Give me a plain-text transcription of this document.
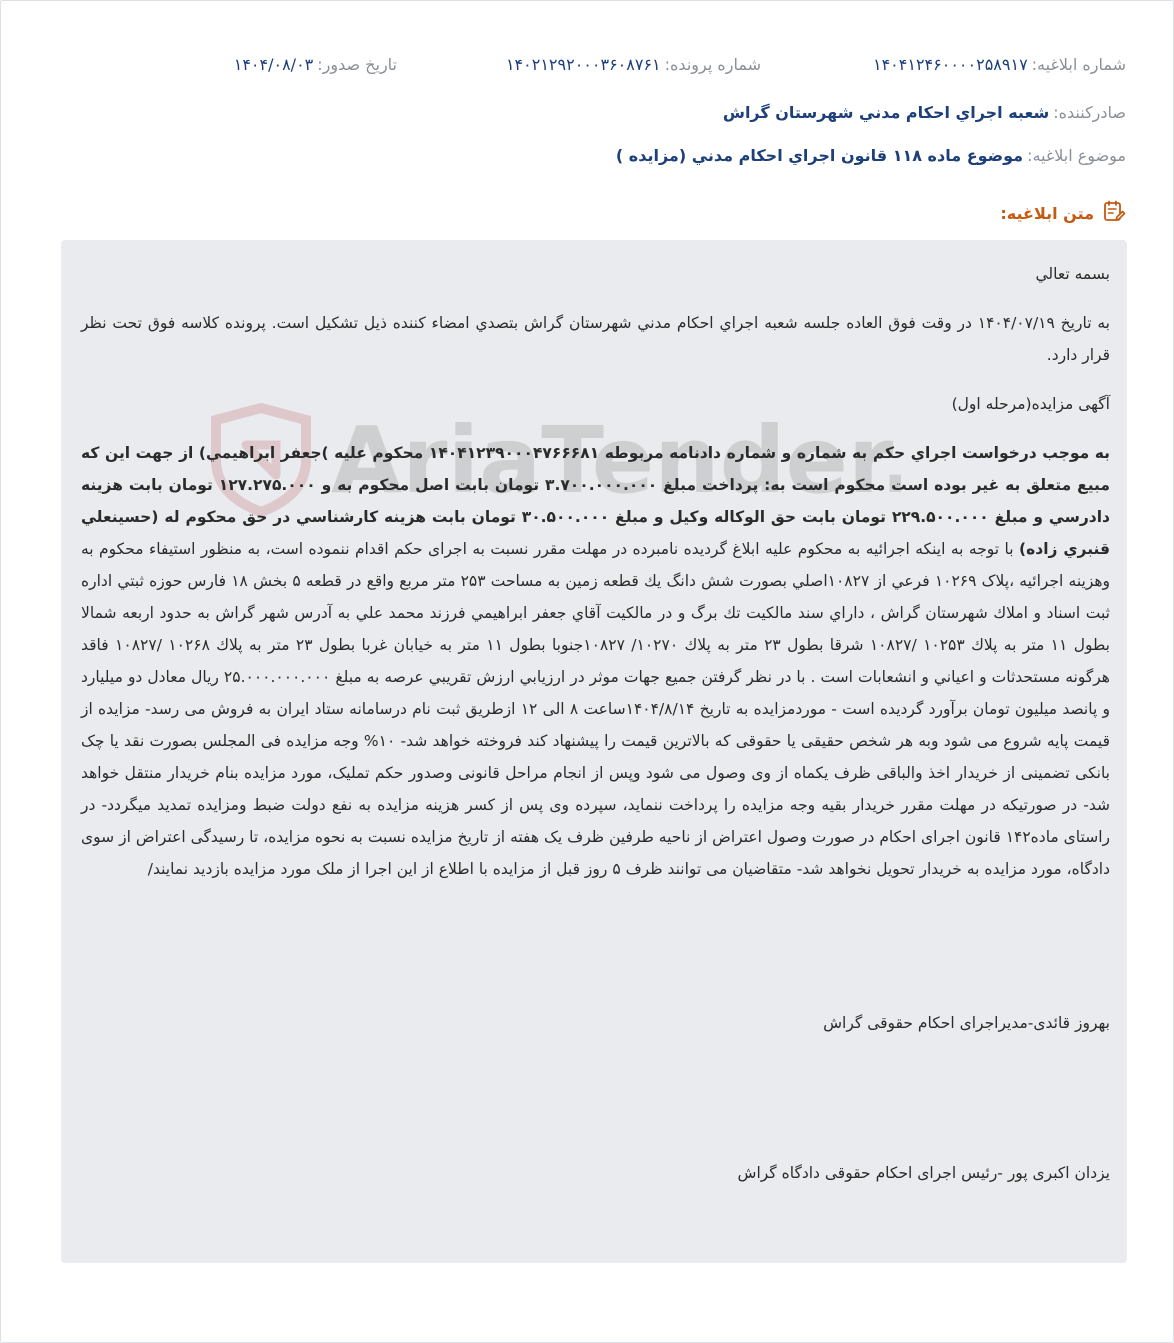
شماره ابلاغيه:
۱۴۰۴۱۲۴۶۰۰۰۰۲۵۸۹۱۷
شماره پرونده:
۱۴۰۲۱۲۹۲۰۰۰۳۶۰۸۷۶۱
تاريخ صدور:
۱۴۰۴/۰۸/۰۳
صادرکننده:
شعبه اجراي احکام مدني شهرستان گراش
موضوع ابلاغيه:
موضوع ماده ۱۱۸ قانون اجراي احکام مدني (مزايده )
متن ابلاغيه:
AriaTender

بسمه تعالي

به تاريخ ۱۴۰۴/۰۷/۱۹ در وقت فوق العاده جلسه شعبه اجراي احکام مدني شهرستان گراش بتصدي امضاء کننده ذيل تشکيل است. پرونده کلاسه فوق تحت نظر قرار دارد.

آگهی مزایده(مرحله اول)

به موجب درخواست اجراي حکم به شماره و شماره دادنامه مربوطه ۱۴۰۴۱۲۳۹۰۰۰۴۷۶۶۶۸۱ محکوم عليه )جعفر ابراهيمي) از جهت اين که مبيع متعلق به غير بوده است محکوم است به: پرداخت مبلغ ۳.۷۰۰.۰۰۰.۰۰۰ تومان بابت اصل محکوم به و ۱۲۷.۲۷۵.۰۰۰ تومان بابت هزينه دادرسي و مبلغ ۲۲۹.۵۰۰.۰۰۰ تومان بابت حق الوکاله وکيل و مبلغ ۳۰.۵۰۰.۰۰۰ تومان بابت هزينه کارشناسي در حق محکوم له (حسينعلي قنبري زاده) با توجه به اینکه اجرائیه به محکوم علیه ابلاغ گردیده نامبرده در مهلت مقرر نسبت به اجرای حکم اقدام ننموده است، به منظور استیفاء محکوم به وهزینه اجرائیه ،پلاک ۱۰۲۶۹ فرعي از ۱۰۸۲۷اصلي بصورت شش دانگ يك قطعه زمين به مساحت ۲۵۳ متر مربع واقع در قطعه ۵ بخش ۱۸ فارس حوزه ثبتي اداره ثبت اسناد و املاك شهرستان گراش ، داراي سند مالكيت تك برگ و در مالكيت آقاي جعفر ابراهيمي فرزند محمد علي به آدرس شهر گراش به حدود اربعه شمالا بطول ۱۱ متر به پلاك ۱۰۲۵۳ /۱۰۸۲۷ شرقا بطول ۲۳ متر به پلاك ۱۰۲۷۰/ ۱۰۸۲۷جنوبا بطول ۱۱ متر به خيابان غربا بطول ۲۳ متر به پلاك ۱۰۲۶۸ /۱۰۸۲۷ فاقد هرگونه مستحدثات و اعياني و انشعابات است . با در نظر گرفتن جميع جهات موثر در ارزيابي ارزش تقريبي عرصه به مبلغ ۲۵.۰۰۰.۰۰۰.۰۰۰ ريال معادل دو ميليارد و پانصد ميليون تومان برآورد گرديده است - موردمزایده به تاریخ ۱۴۰۴/۸/۱۴ساعت ۸ الی ۱۲ ازطریق ثبت نام درسامانه ستاد ایران به فروش می رسد- مزایده از قیمت پایه شروع می شود وبه هر شخص حقیقی یا حقوقی که بالاترین قیمت را پیشنهاد کند فروخته خواهد شد- ۱۰% وجه مزایده فی المجلس بصورت نقد یا چک بانکی تضمینی از خریدار اخذ والباقی ظرف یکماه از وی وصول می شود وپس از انجام مراحل قانونی وصدور حکم تملیک، مورد مزایده بنام خریدار منتقل خواهد شد- در صورتیکه در مهلت مقرر خریدار بقیه وجه مزایده را پرداخت ننماید، سپرده وی پس از کسر هزینه مزایده به نفع دولت ضبط ومزایده تمدید میگردد- در راستای ماده۱۴۲ قانون اجرای احکام در صورت وصول اعتراض از ناحیه طرفین ظرف یک هفته از تاریخ مزایده نسبت به نحوه مزایده، تا رسیدگی اعتراض از سوی دادگاه، مورد مزایده به خریدار تحویل نخواهد شد- متقاضیان می توانند ظرف ۵ روز قبل از مزایده با اطلاع از این اجرا از ملک مورد مزایده بازدید نمایند/

بهروز قائدی-مدیراجرای احکام حقوقی گراش
یزدان اکبری پور -رئیس اجرای احکام حقوقی دادگاه گراش
